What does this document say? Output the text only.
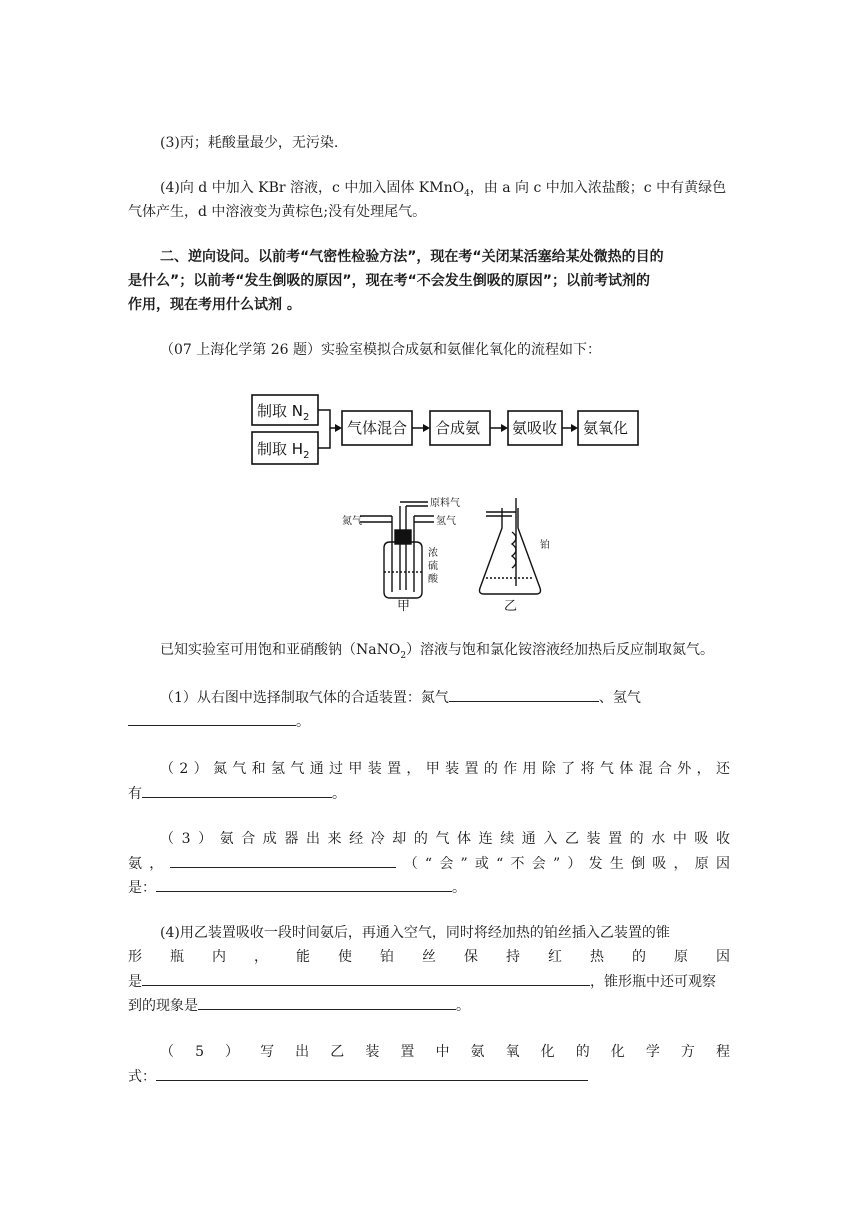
(3)丙；耗酸量最少，无污染.

(4)向 d 中加入 KBr 溶液，c 中加入固体 KMnO$_4$，由 a 向 c 中加入浓盐酸；c 中有黄绿色

气体产生，d 中溶液变为黄棕色;没有处理尾气。

二、逆向设问。以前考“气密性检验方法”，现在考“关闭某活塞给某处微热的目的

是什么”；以前考“发生倒吸的原因”，现在考“不会发生倒吸的原因”；以前考试剂的

作用，现在考用什么试剂 。

（07 上海化学第 26 题）实验室模拟合成氨和氨催化氧化的流程如下：

制取 $N_2$
制取 $H_2$
气体混合 合成氨 氨吸收 氨氧化
原料气
氮气	氢气
浓
硫
酸
铂
甲	乙

已知实验室可用饱和亚硝酸钠（NaNO$_2$）溶液与饱和氯化铵溶液经加热后反应制取氮气。

（1）从右图中选择制取气体的合适装置：氮气	、氢气

。

（2）氮气和氢气通过甲装置，甲装置的作用除了将气体混合外，还

有	。

（3）氨合成器出来经冷却的气体连续通入乙装置的水中吸收

氨，	（“会”或“不会”）发生倒吸，原因

是：	。

(4)用乙装置吸收一段时间氨后，再通入空气，同时将经加热的铂丝插入乙装置的锥

形瓶内，能使铂丝保持红热的原因

是	，锥形瓶中还可观察

到的现象是	。

（5）写出乙装置中氨氧化的化学方程

式：
